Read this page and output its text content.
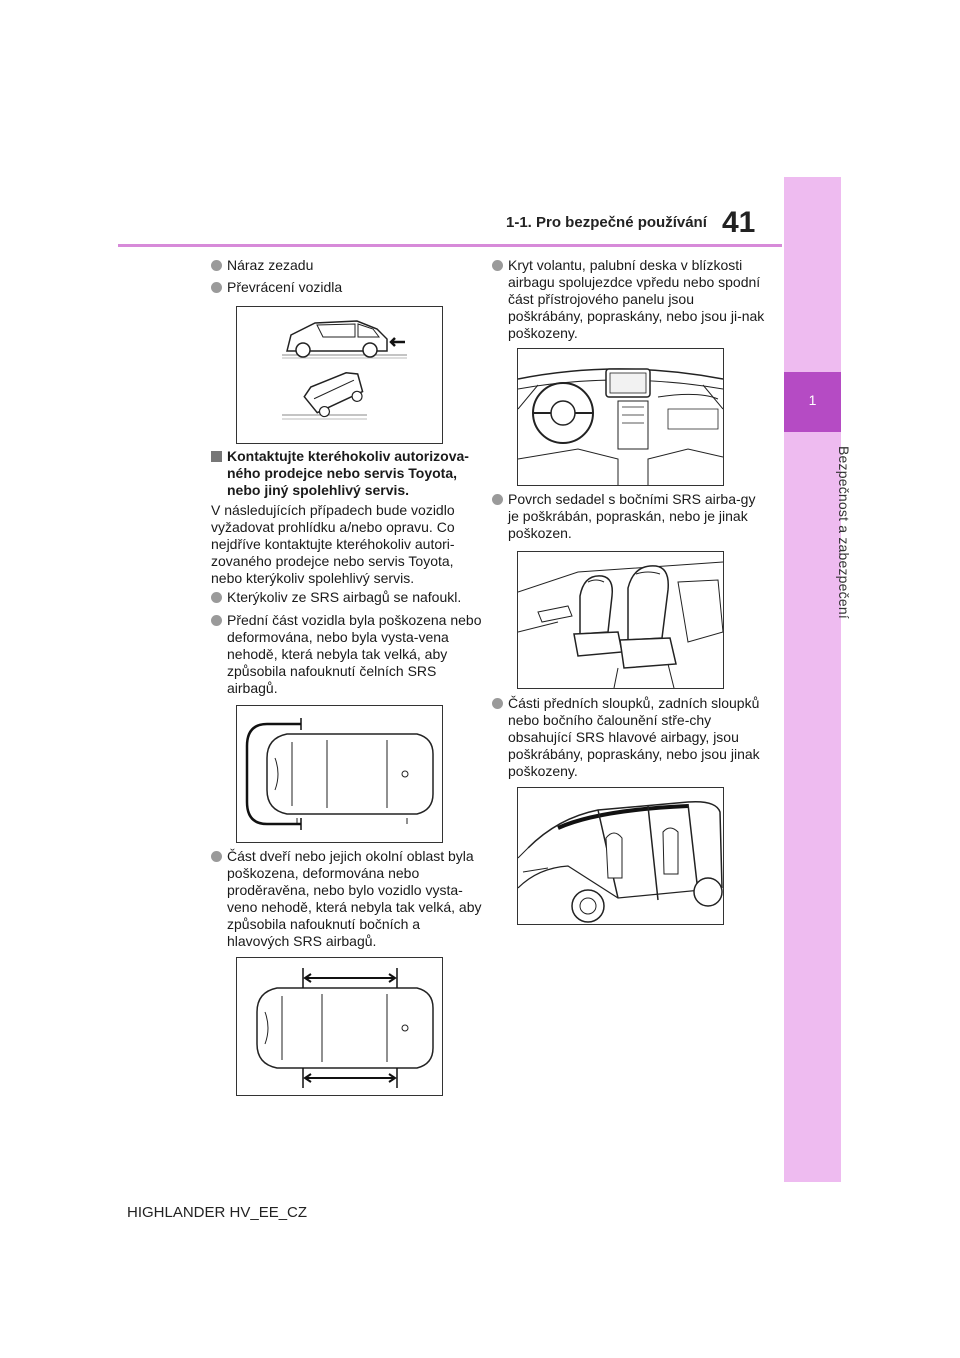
1-1. Pro bezpečné používání 41
1
Bezpečnost a zabezpečení
Náraz zezadu
Převrácení vozidla
Kontaktujte kteréhokoliv autorizova-ného prodejce nebo servis Toyota, nebo jiný spolehlivý servis.
V následujících případech bude vozidlo vyžadovat prohlídku a/nebo opravu. Co nejdříve kontaktujte kteréhokoliv autori-zovaného prodejce nebo servis Toyota, nebo kterýkoliv spolehlivý servis.
Kterýkoliv ze SRS airbagů se nafoukl.
Přední část vozidla byla poškozena nebo deformována, nebo byla vysta-vena nehodě, která nebyla tak velká, aby způsobila nafouknutí čelních SRS airbagů.
Část dveří nebo jejich okolní oblast byla poškozena, deformována nebo proděravěna, nebo bylo vozidlo vysta-veno nehodě, která nebyla tak velká, aby způsobila nafouknutí bočních a hlavových SRS airbagů.
Kryt volantu, palubní deska v blízkosti airbagu spolujezdce vpředu nebo spodní část přístrojového panelu jsou poškrábány, popraskány, nebo jsou ji-nak poškozeny.
Povrch sedadel s bočními SRS airba-gy je poškrábán, popraskán, nebo je jinak poškozen.
Části předních sloupků, zadních sloupků nebo bočního čalounění stře-chy obsahující SRS hlavové airbagy, jsou poškrábány, popraskány, nebo jsou jinak poškozeny.
HIGHLANDER HV_EE_CZ
